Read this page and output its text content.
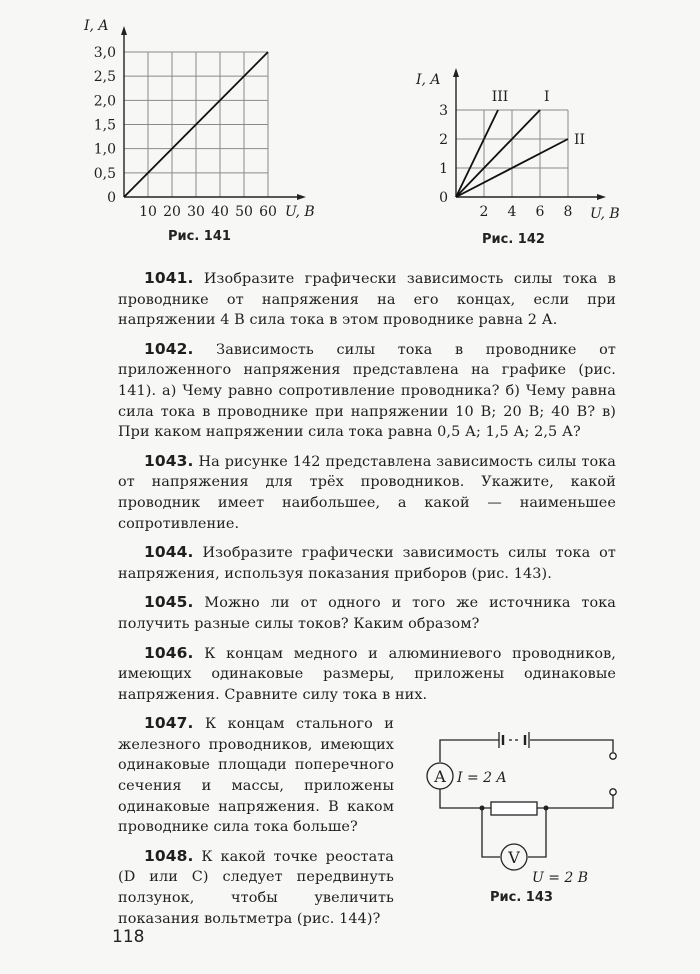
0
0,5
1,0
1,5
2,0
2,5
3,0
10 20 30 40 50 60
I, A
U, B
Рис. 141
0
1
2
3
2 4 6 8
I, A
U, B
III	I
II
Рис. 142

1041. Изобразите графически зависимость силы тока в проводнике от напряжения на его концах, если при напряжении 4 В сила тока в этом проводнике равна 2 А.

1042. Зависимость силы тока в проводнике от приложенного напряжения представлена на графике (рис. 141). а) Чему равно сопротивление проводника? б) Чему равна сила тока в проводнике при напряжении 10 В; 20 В; 40 В? в) При каком напряжении сила тока равна 0,5 А; 1,5 А; 2,5 А?

1043. На рисунке 142 представлена зависимость силы тока от напряжения для трёх проводников. Укажите, какой проводник имеет наибольшее, а какой — наименьшее сопротивление.

1044. Изобразите графически зависимость силы тока от напряжения, используя показания приборов (рис. 143).

1045. Можно ли от одного и того же источника тока получить разные силы токов? Каким образом?

1046. К концам медного и алюминиевого проводников, имеющих одинаковые размеры, приложены одинаковые напряжения. Сравните силу тока в них.

1047. К концам стального и железного проводников, имеющих одинаковые площади поперечного сечения и массы, приложены одинаковые напряжения. В каком проводнике сила тока больше?

1048. К какой точке реостата (D или C) следует передвинуть ползунок, чтобы увеличить показания вольтметра (рис. 144)?

A
V
I = 2 A
U = 2 B
Рис. 143
118
